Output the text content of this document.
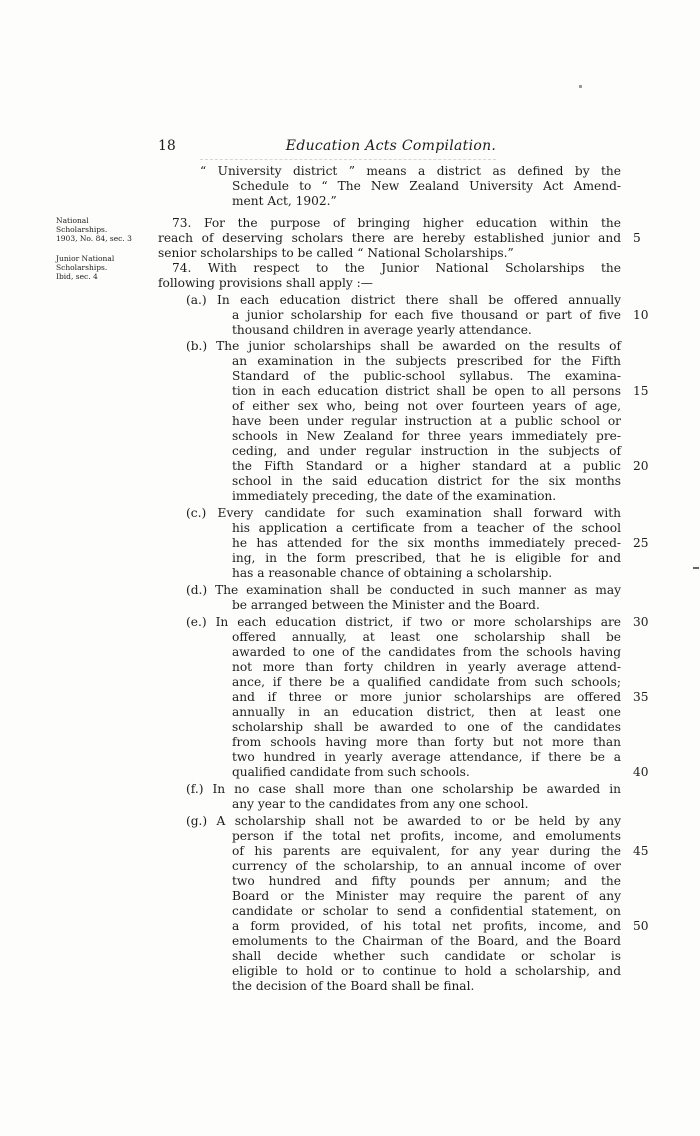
18	Education Acts Compilation.
National
Scholarships.
1903, No. 84, sec. 3
Junior National
Scholarships.
Ibid, sec. 4
“ University district ” means a district as defined by the
Schedule to “ The New Zealand University Act Amend-
ment Act, 1902.”
73. For the purpose of bringing higher education within the
reach of deserving scholars there are hereby established junior and
senior scholarships to be called “ National Scholarships.”
74. With respect to the Junior National Scholarships the
following provisions shall apply :—
(a.) In each education district there shall be offered annually
a junior scholarship for each five thousand or part of five
thousand children in average yearly attendance.
(b.) The junior scholarships shall be awarded on the results of
an examination in the subjects prescribed for the Fifth
Standard of the public-school syllabus. The examina-
tion in each education district shall be open to all persons
of either sex who, being not over fourteen years of age,
have been under regular instruction at a public school or
schools in New Zealand for three years immediately pre-
ceding, and under regular instruction in the subjects of
the Fifth Standard or a higher standard at a public
school in the said education district for the six months
immediately preceding, the date of the examination.
(c.) Every candidate for such examination shall forward with
his application a certificate from a teacher of the school
he has attended for the six months immediately preced-
ing, in the form prescribed, that he is eligible for and
has a reasonable chance of obtaining a scholarship.
(d.) The examination shall be conducted in such manner as may
be arranged between the Minister and the Board.
(e.) In each education district, if two or more scholarships are
offered annually, at least one scholarship shall be
awarded to one of the candidates from the schools having
not more than forty children in yearly average attend-
ance, if there be a qualified candidate from such schools;
and if three or more junior scholarships are offered
annually in an education district, then at least one
scholarship shall be awarded to one of the candidates
from schools having more than forty but not more than
two hundred in yearly average attendance, if there be a
qualified candidate from such schools.
(f.) In no case shall more than one scholarship be awarded in
any year to the candidates from any one school.
(g.) A scholarship shall not be awarded to or be held by any
person if the total net profits, income, and emoluments
of his parents are equivalent, for any year during the
currency of the scholarship, to an annual income of over
two hundred and fifty pounds per annum; and the
Board or the Minister may require the parent of any
candidate or scholar to send a confidential statement, on
a form provided, of his total net profits, income, and
emoluments to the Chairman of the Board, and the Board
shall decide whether such candidate or scholar is
eligible to hold or to continue to hold a scholarship, and
the decision of the Board shall be final.
5
10
15
20
25
30
35
40
45
50
